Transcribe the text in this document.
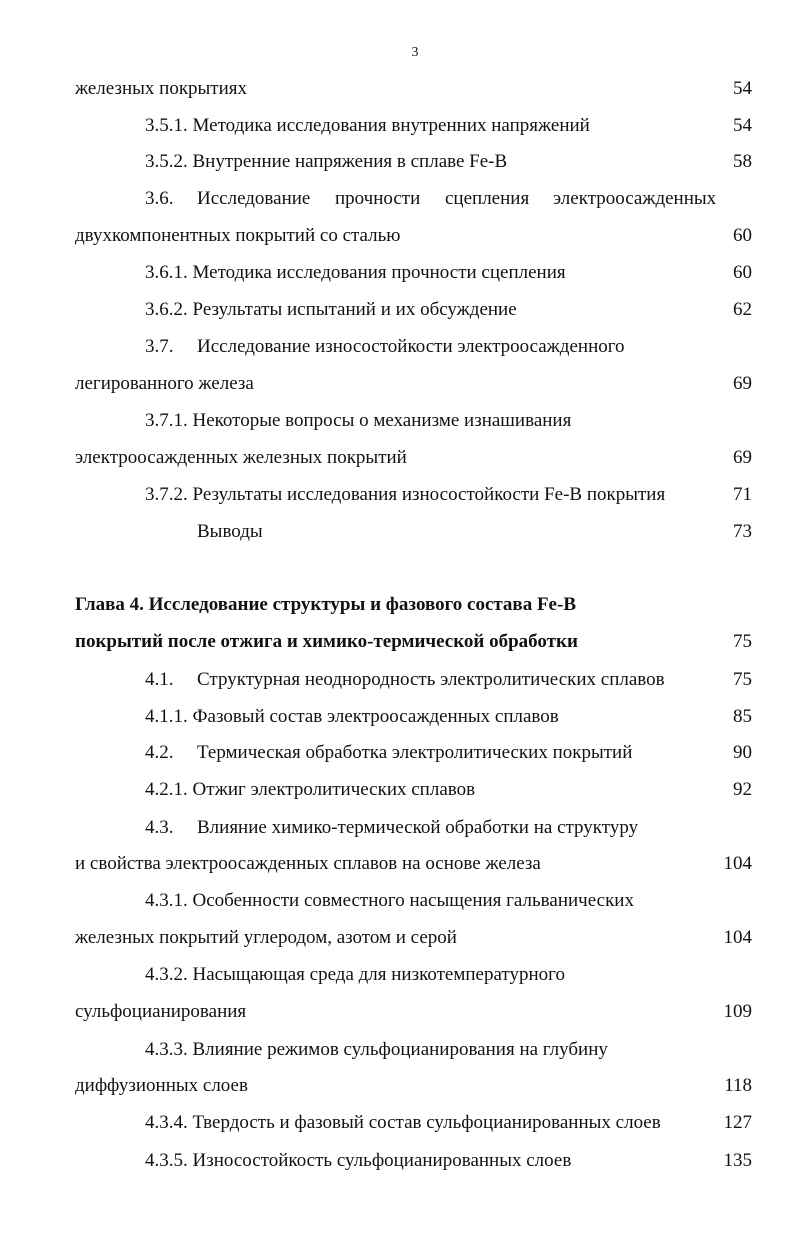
3
железных покрытиях	54
3.5.1. Методика исследования внутренних напряжений	54
3.5.2. Внутренние напряжения в сплаве Fe-B	58
3.6. Исследование прочности сцепления электроосажденных
двухкомпонентных покрытий со сталью	60
3.6.1. Методика исследования прочности сцепления	60
3.6.2. Результаты испытаний и их обсуждение	62
3.7. Исследование износостойкости электроосажденного
легированного железа	69
3.7.1. Некоторые вопросы о механизме изнашивания
электроосажденных железных покрытий	69
3.7.2. Результаты исследования износостойкости Fe-B покрытия	71
Выводы	73
Глава 4. Исследование структуры и фазового состава Fe-B
покрытий после отжига и химико-термической обработки	75
4.1. Структурная неоднородность электролитических сплавов	75
4.1.1. Фазовый состав электроосажденных сплавов	85
4.2. Термическая обработка электролитических покрытий	90
4.2.1. Отжиг электролитических сплавов	92
4.3. Влияние химико-термической обработки на структуру
и свойства электроосажденных сплавов на основе железа	104
4.3.1. Особенности совместного насыщения гальванических
железных покрытий углеродом, азотом и серой	104
4.3.2. Насыщающая среда для низкотемпературного
сульфоцианирования	109
4.3.3. Влияние режимов сульфоцианирования на глубину
диффузионных слоев	118
4.3.4. Твердость и фазовый состав сульфоцианированных слоев	127
4.3.5. Износостойкость сульфоцианированных слоев	135
